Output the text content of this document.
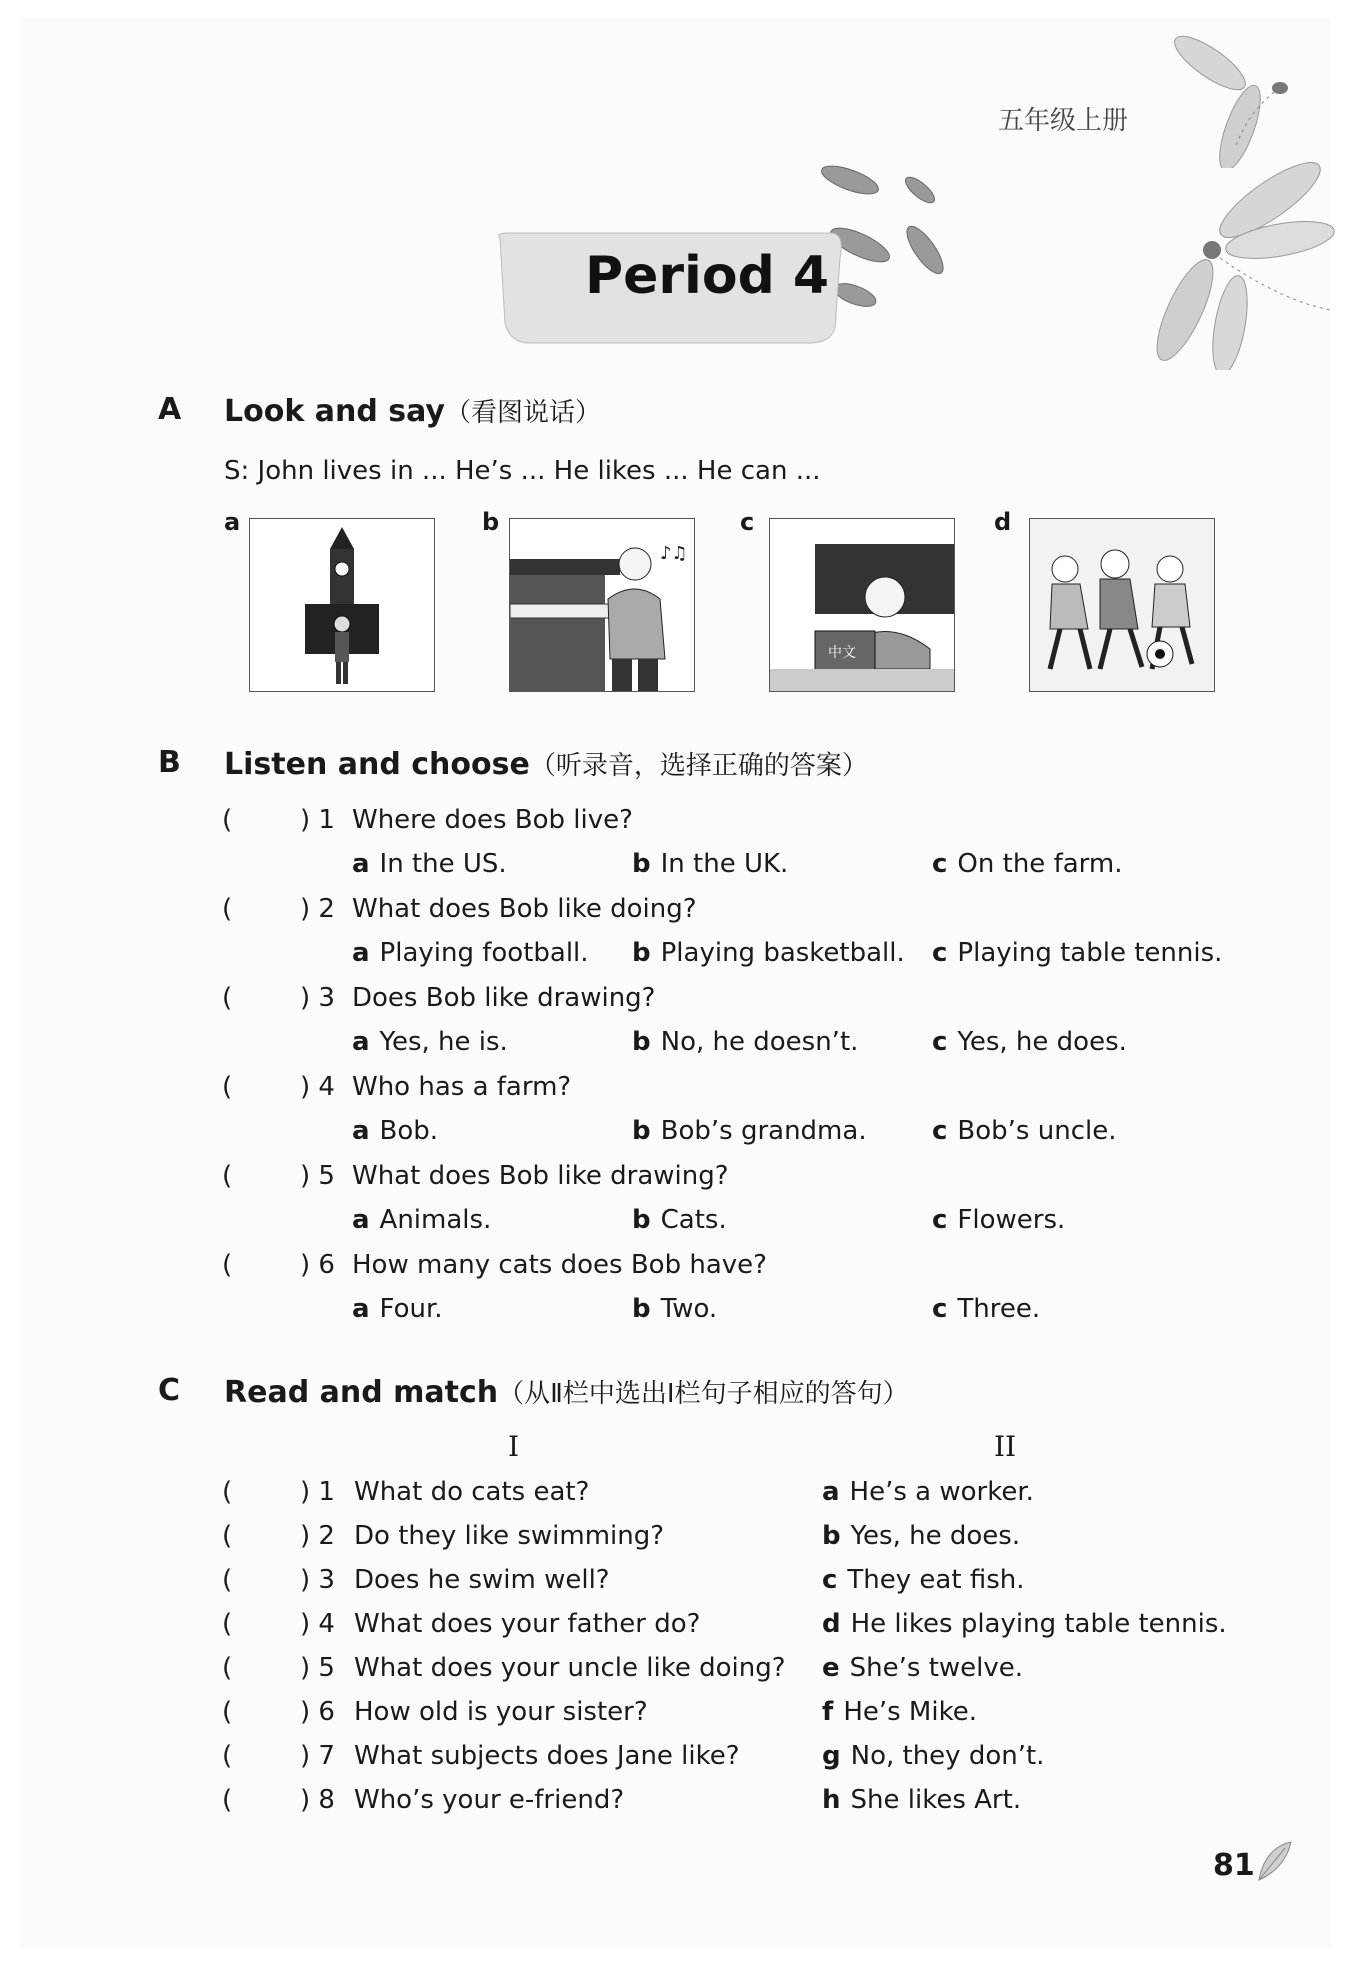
五年级上册
Period 4
A Look and say（看图说话）
S: John lives in ... He’s ... He likes ... He can ...
a	b
♪♫
c
中文
d
B Listen and choose（听录音，选择正确的答案）
(	) 1 Where does Bob live?
a In the US.	b In the UK.	c On the farm.
(	) 2 What does Bob like doing?
a Playing football. b Playing basketball. c Playing table tennis.
(	) 3 Does Bob like drawing?
a Yes, he is.	b No, he doesn’t.	c Yes, he does.
(	) 4 Who has a farm?
a Bob.	b Bob’s grandma.	c Bob’s uncle.
(	) 5 What does Bob like drawing?
a Animals.	b Cats.	c Flowers.
(	) 6 How many cats does Bob have?
a Four.	b Two.	c Three.
C Read and match（从Ⅱ栏中选出Ⅰ栏句子相应的答句）
I	II
(	) 1 What do cats eat?	a He’s a worker.
(	) 2 Do they like swimming?	b Yes, he does.
(	) 3 Does he swim well?	c They eat fish.
(	) 4 What does your father do?	d He likes playing table tennis.
(	) 5 What does your uncle like doing? e She’s twelve.
(	) 6 How old is your sister?	f He’s Mike.
(	) 7 What subjects does Jane like?	g No, they don’t.
(	) 8 Who’s your e-friend?	h She likes Art.
81
